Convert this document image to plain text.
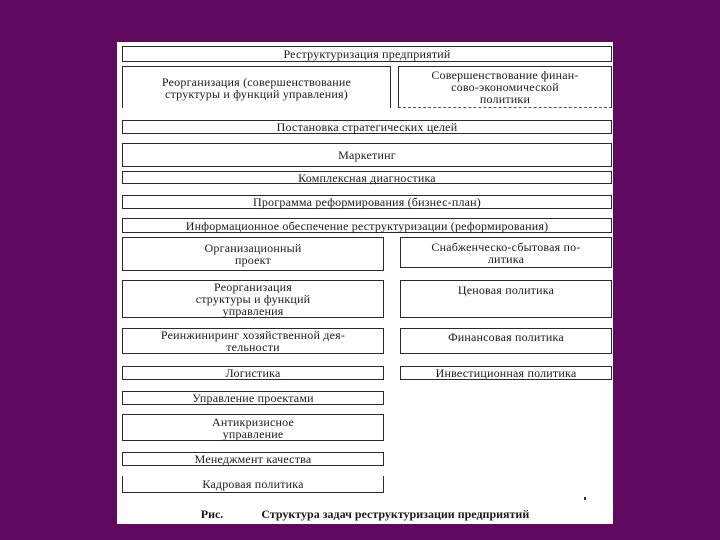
Реструктуризация предприятий
Реорганизация (совершенствование
структуры и функций управления)
Совершенствование финан-
сово-экономической
политики
Постановка стратегических целей
Маркетинг
Комплексная диагностика
Программа реформирования (бизнес-план)
Информационное обеспечение реструктуризации (реформирования)
Организационный
проект
Реорганизация
структуры и функций
управления
Реинжиниринг хозяйственной дея-
тельности
Логистика
Управление проектами
Антикризисное
управление
Менеджмент качества
Кадровая политика
Снабженческо-сбытовая по-
литика
Ценовая политика
Финансовая политика
Инвестиционная политика
Рис.	Структура задач реструктуризации предприятий
